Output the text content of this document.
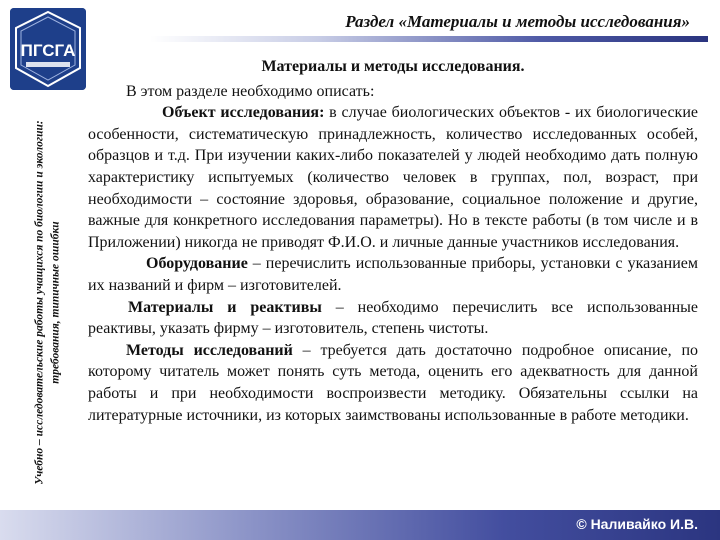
ПГСГА
Раздел «Материалы и методы исследования»
Учебно – исследовательские работы учащихся по биологии и экологии: требования, типичные ошибки
Материалы и методы исследования.

В этом разделе необходимо описать:

Объект исследования: в случае биологических объектов - их биологические особенности, систематическую принадлежность, количество исследованных особей, образцов и т.д. При изучении каких-либо показателей у людей необходимо дать полную характеристику испытуемых (количество человек в группах, пол, возраст, при необходимости – состояние здоровья, образование, социальное положение и другие, важные для конкретного исследования параметры). Но в тексте работы (в том числе и в Приложении) никогда не приводят Ф.И.О. и личные данные участников исследования.

Оборудование – перечислить использованные приборы, установки с указанием их названий и фирм – изготовителей.

Материалы и реактивы – необходимо перечислить все использованные реактивы, указать фирму – изготовитель, степень чистоты.

Методы исследований – требуется дать достаточно подробное описание, по которому читатель может понять суть метода, оценить его адекватность для данной работы и при необходимости воспроизвести методику. Обязательны ссылки на литературные источники, из которых заимствованы использованные в работе методики.

© Наливайко И.В.
